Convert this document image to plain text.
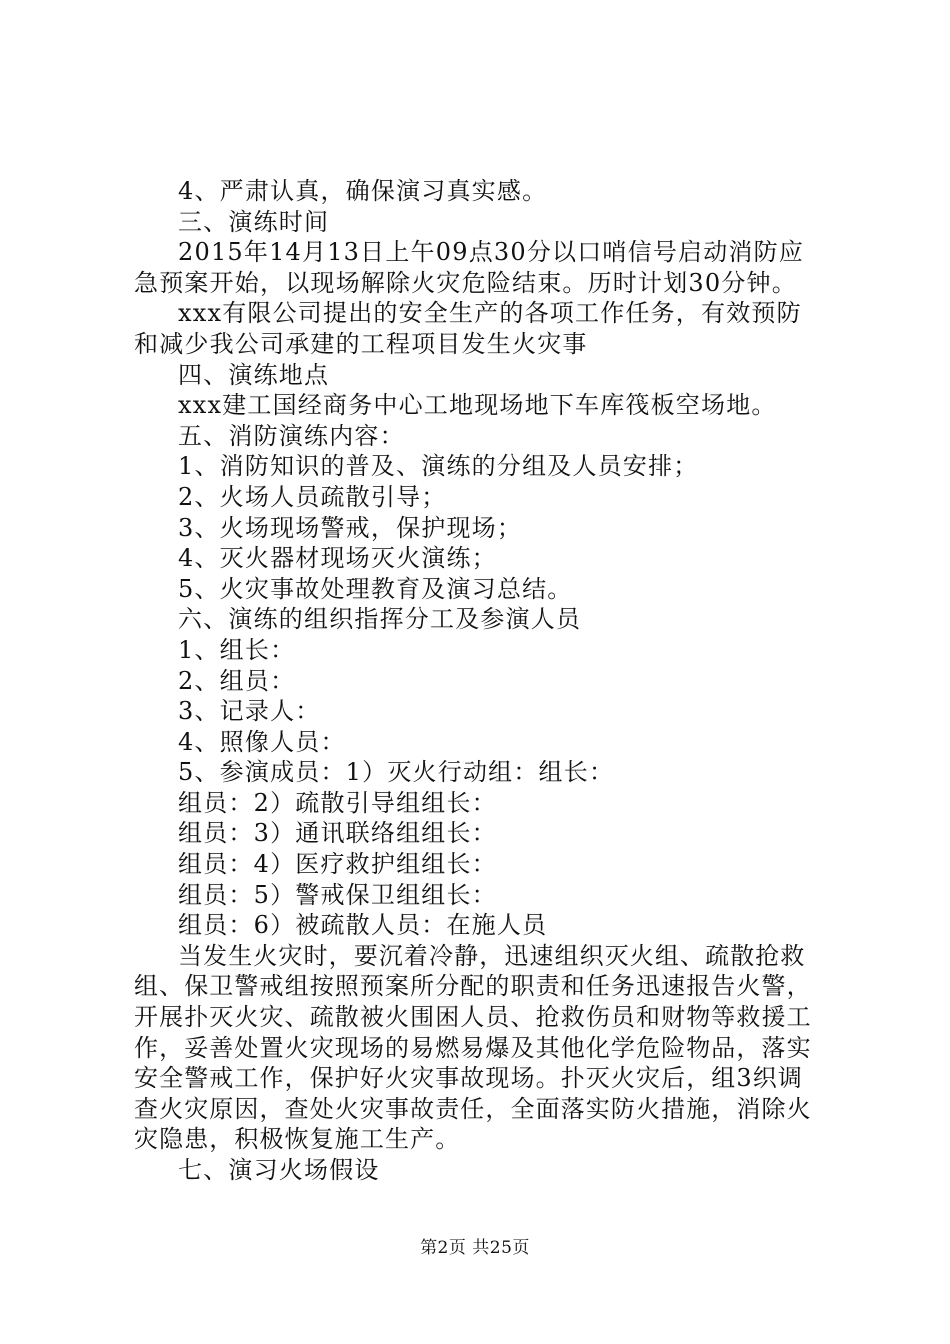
4、严肃认真，确保演习真实感。
三、演练时间
2015年14月13日上午09点30分以口哨信号启动消防应
急预案开始，以现场解除火灾危险结束。历时计划30分钟。
xxx有限公司提出的安全生产的各项工作任务，有效预防
和减少我公司承建的工程项目发生火灾事
四、演练地点
xxx建工国经商务中心工地现场地下车库筏板空场地。
五、消防演练内容：
1、消防知识的普及、演练的分组及人员安排；
2、火场人员疏散引导；
3、火场现场警戒，保护现场；
4、灭火器材现场灭火演练；
5、火灾事故处理教育及演习总结。
六、演练的组织指挥分工及参演人员
1、组长：
2、组员：
3、记录人：
4、照像人员：
5、参演成员：1）灭火行动组：组长：
组员：2）疏散引导组组长：
组员：3）通讯联络组组长：
组员：4）医疗救护组组长：
组员：5）警戒保卫组组长：
组员：6）被疏散人员：在施人员
当发生火灾时，要沉着冷静，迅速组织灭火组、疏散抢救
组、保卫警戒组按照预案所分配的职责和任务迅速报告火警，
开展扑灭火灾、疏散被火围困人员、抢救伤员和财物等救援工
作，妥善处置火灾现场的易燃易爆及其他化学危险物品，落实
安全警戒工作，保护好火灾事故现场。扑灭火灾后，组3织调
查火灾原因，查处火灾事故责任，全面落实防火措施，消除火
灾隐患，积极恢复施工生产。
七、演习火场假设
第2页 共25页
